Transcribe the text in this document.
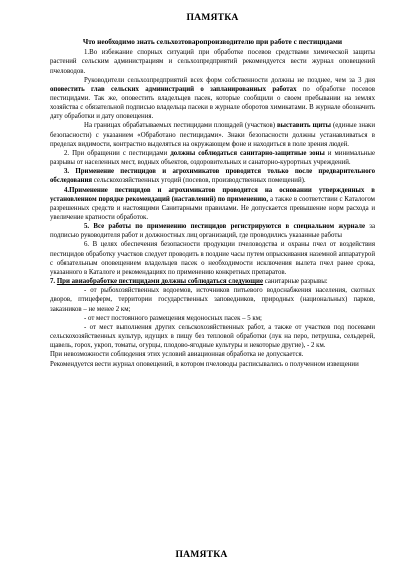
ПАМЯТКА
Что необходимо знать сельхозтоваропроизводителю при работе с пестицидами

1.Во избежание спорных ситуаций при обработке посевов средствами химической защиты растений сельским администрациям и сельхозпредприятий рекомендуется вести журнал оповещений пчеловодов.

Руководители сельхозпредприятий всех форм собственности должны не позднее, чем за 3 дня оповестить глав сельских администраций о запланированных работах по обработке посевов пестицидами. Так же, оповестить владельцев пасек, которые сообщили о своем пребывании на землях хозяйства с обязательной подписью владельца пасеки в журнале оборотов химикатами. В журнале обозначить дату обработки и дату оповещения.

На границах обрабатываемых пестицидами площадей (участков) выставить щиты (единые знаки безопасности) с указанием «Обработано пестицидами». Знаки безопасности должны устанавливаться в пределах видимости, контрастно выделяться на окружающем фоне и находиться в поле зрения людей.

2. При обращении с пестицидами должны соблюдаться санитарно-защитные зоны и минимальные разрывы от населенных мест, водных объектов, оздоровительных и санаторно-курортных учреждений.

3. Применение пестицидов и агрохимикатов проводится только после предварительного обследования сельскохозяйственных угодий (посевов, производственных помещений).

4.Применение пестицидов и агрохимикатов проводится на основании утвержденных в установленном порядке рекомендаций (наставлений) по применению, а также в соответствии с Каталогом разрешенных средств и настоящими Санитарными правилами. Не допускается превышение норм расхода и увеличение кратности обработок.

5. Все работы по применению пестицидов регистрируются в специальном журнале за подписью руководителя работ и должностных лиц организаций, где проводились указанные работы

6. В целях обеспечения безопасности продукции пчеловодства и охраны пчел от воздействия пестицидов обработку участков следует проводить в поздние часы путем опрыскивания наземной аппаратурой с обязательным оповещением владельцев пасек о необходимости исключения вылета пчел ранее срока, указанного в Каталоге и рекомендациях по применению конкретных препаратов.

7. При авиаобработке пестицидами должны соблюдаться следующие санитарные разрывы:

- от рыбохозяйственных водоемов, источников питьевого водоснабжения населения, скотных дворов, птицеферм, территории государственных заповедников, природных (национальных) парков, заказников – не менее 2 км;

- от мест постоянного размещения медоносных пасек – 5 км;

- от мест выполнения других сельскохозяйственных работ, а также от участков под посевами сельскохозяйственных культур, идущих в пищу без тепловой обработки (лук на перо, петрушка, сельдерей, щавель, горох, укроп, томаты, огурцы, плодово-ягодные культуры и некоторые другие), - 2 км.

При невозможности соблюдения этих условий авиационная обработка не допускается.

Рекомендуется вести журнал оповещений, в котором пчеловоды расписывались о полученном извещении

ПАМЯТКА
